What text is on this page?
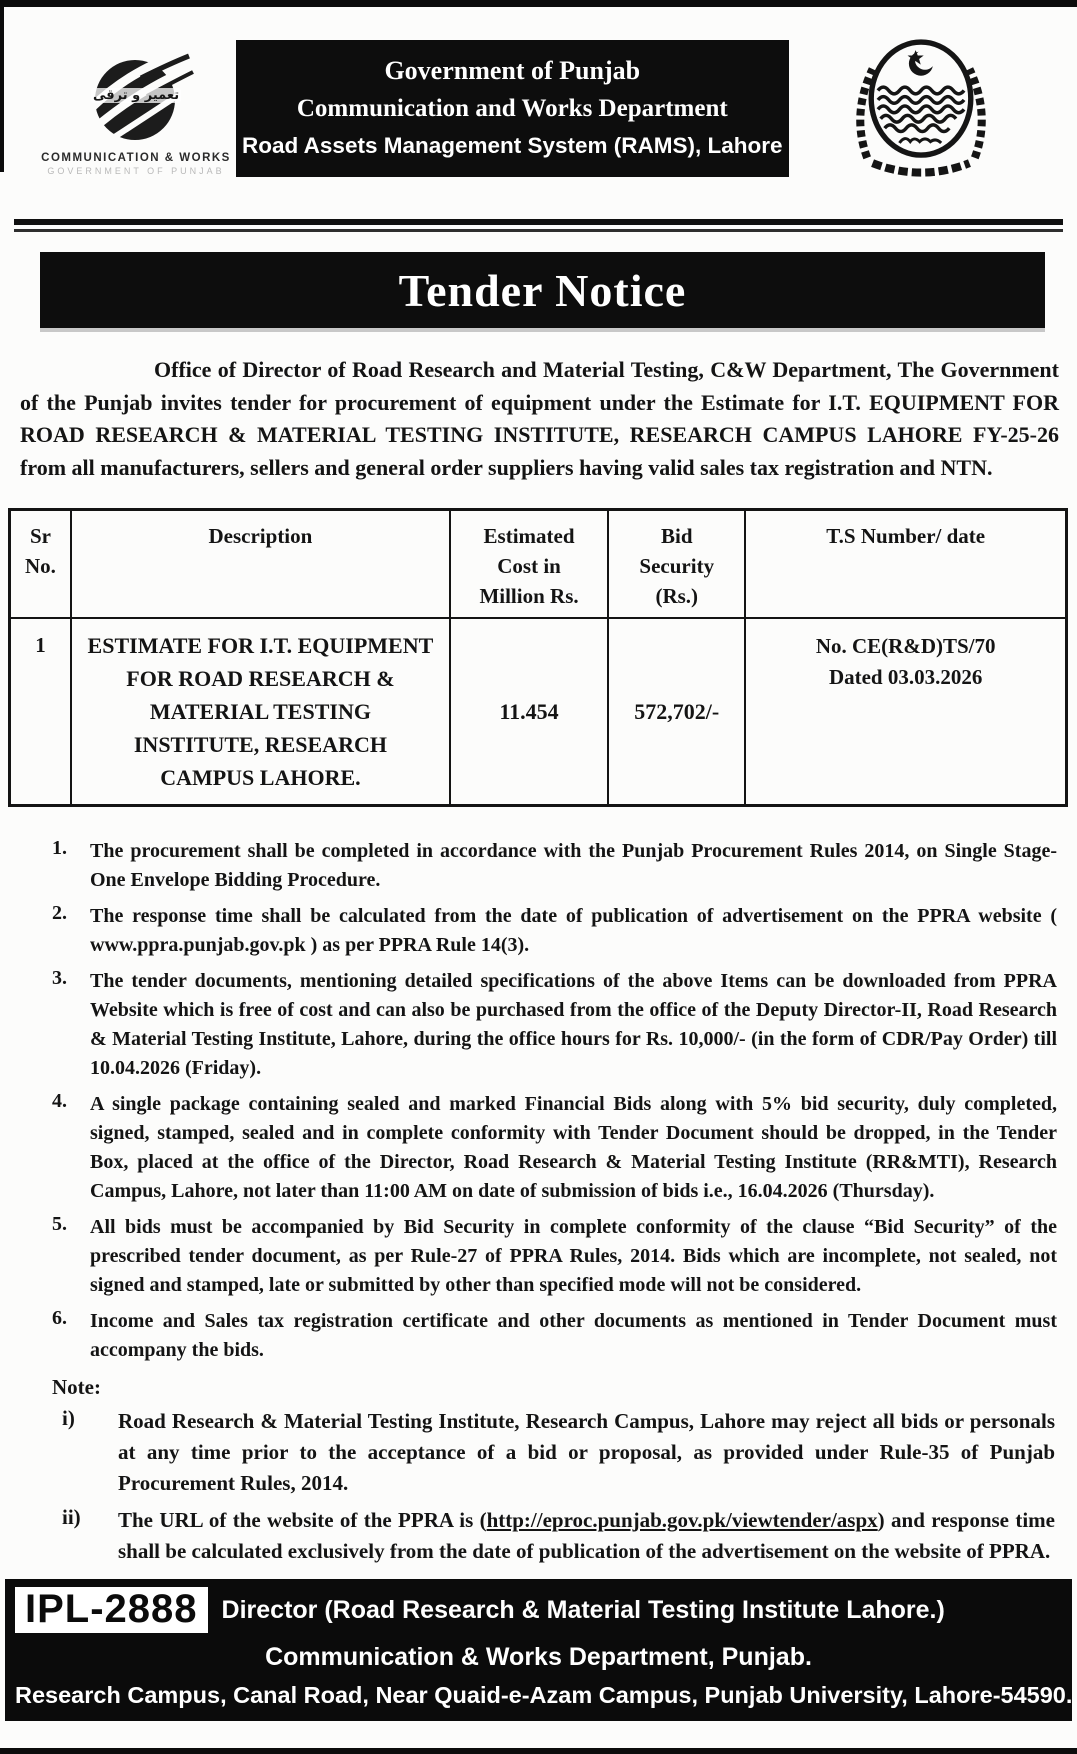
تعمیر و ترقی
COMMUNICATION & WORKS
GOVERNMENT OF PUNJAB
Government of Punjab
Communication and Works Department
Road Assets Management System (RAMS), Lahore
Tender Notice

Office of Director of Road Research and Material Testing, C&W Department, The Government of the Punjab invites tender for procurement of equipment under the Estimate for I.T. EQUIPMENT FOR ROAD RESEARCH & MATERIAL TESTING INSTITUTE, RESEARCH CAMPUS LAHORE FY-25-26 from all manufacturers, sellers and general order suppliers having valid sales tax registration and NTN.

Sr No.	Description	Estimated Cost in Million Rs.	Bid Security (Rs.)	T.S Number/ date
1	ESTIMATE FOR I.T. EQUIPMENT FOR ROAD RESEARCH & MATERIAL TESTING INSTITUTE, RESEARCH CAMPUS LAHORE.	11.454	572,702/-	No. CE(R&D)TS/70
Dated 03.03.2026
1.	The procurement shall be completed in accordance with the Punjab Procurement Rules 2014, on Single Stage-One Envelope Bidding Procedure.
2.	The response time shall be calculated from the date of publication of advertisement on the PPRA website ( www.ppra.punjab.gov.pk ) as per PPRA Rule 14(3).
3.	The tender documents, mentioning detailed specifications of the above Items can be downloaded from PPRA Website which is free of cost and can also be purchased from the office of the Deputy Director-II, Road Research & Material Testing Institute, Lahore, during the office hours for Rs. 10,000/- (in the form of CDR/Pay Order) till 10.04.2026 (Friday).
4.	A single package containing sealed and marked Financial Bids along with 5% bid security, duly completed, signed, stamped, sealed and in complete conformity with Tender Document should be dropped, in the Tender Box, placed at the office of the Director, Road Research & Material Testing Institute (RR&MTI), Research Campus, Lahore, not later than 11:00 AM on date of submission of bids i.e., 16.04.2026 (Thursday).
5.	All bids must be accompanied by Bid Security in complete conformity of the clause “Bid Security” of the prescribed tender document, as per Rule-27 of PPRA Rules, 2014. Bids which are incomplete, not sealed, not signed and stamped, late or submitted by other than specified mode will not be considered.
6.	Income and Sales tax registration certificate and other documents as mentioned in Tender Document must accompany the bids.
Note:
i)	Road Research & Material Testing Institute, Research Campus, Lahore may reject all bids or personals at any time prior to the acceptance of a bid or proposal, as provided under Rule-35 of Punjab Procurement Rules, 2014.
ii)	The URL of the website of the PPRA is (http://eproc.punjab.gov.pk/viewtender/aspx) and response time shall be calculated exclusively from the date of publication of the advertisement on the website of PPRA.
IPL-2888 Director (Road Research & Material Testing Institute Lahore.)
Communication & Works Department, Punjab.
Research Campus, Canal Road, Near Quaid-e-Azam Campus, Punjab University, Lahore-54590.
